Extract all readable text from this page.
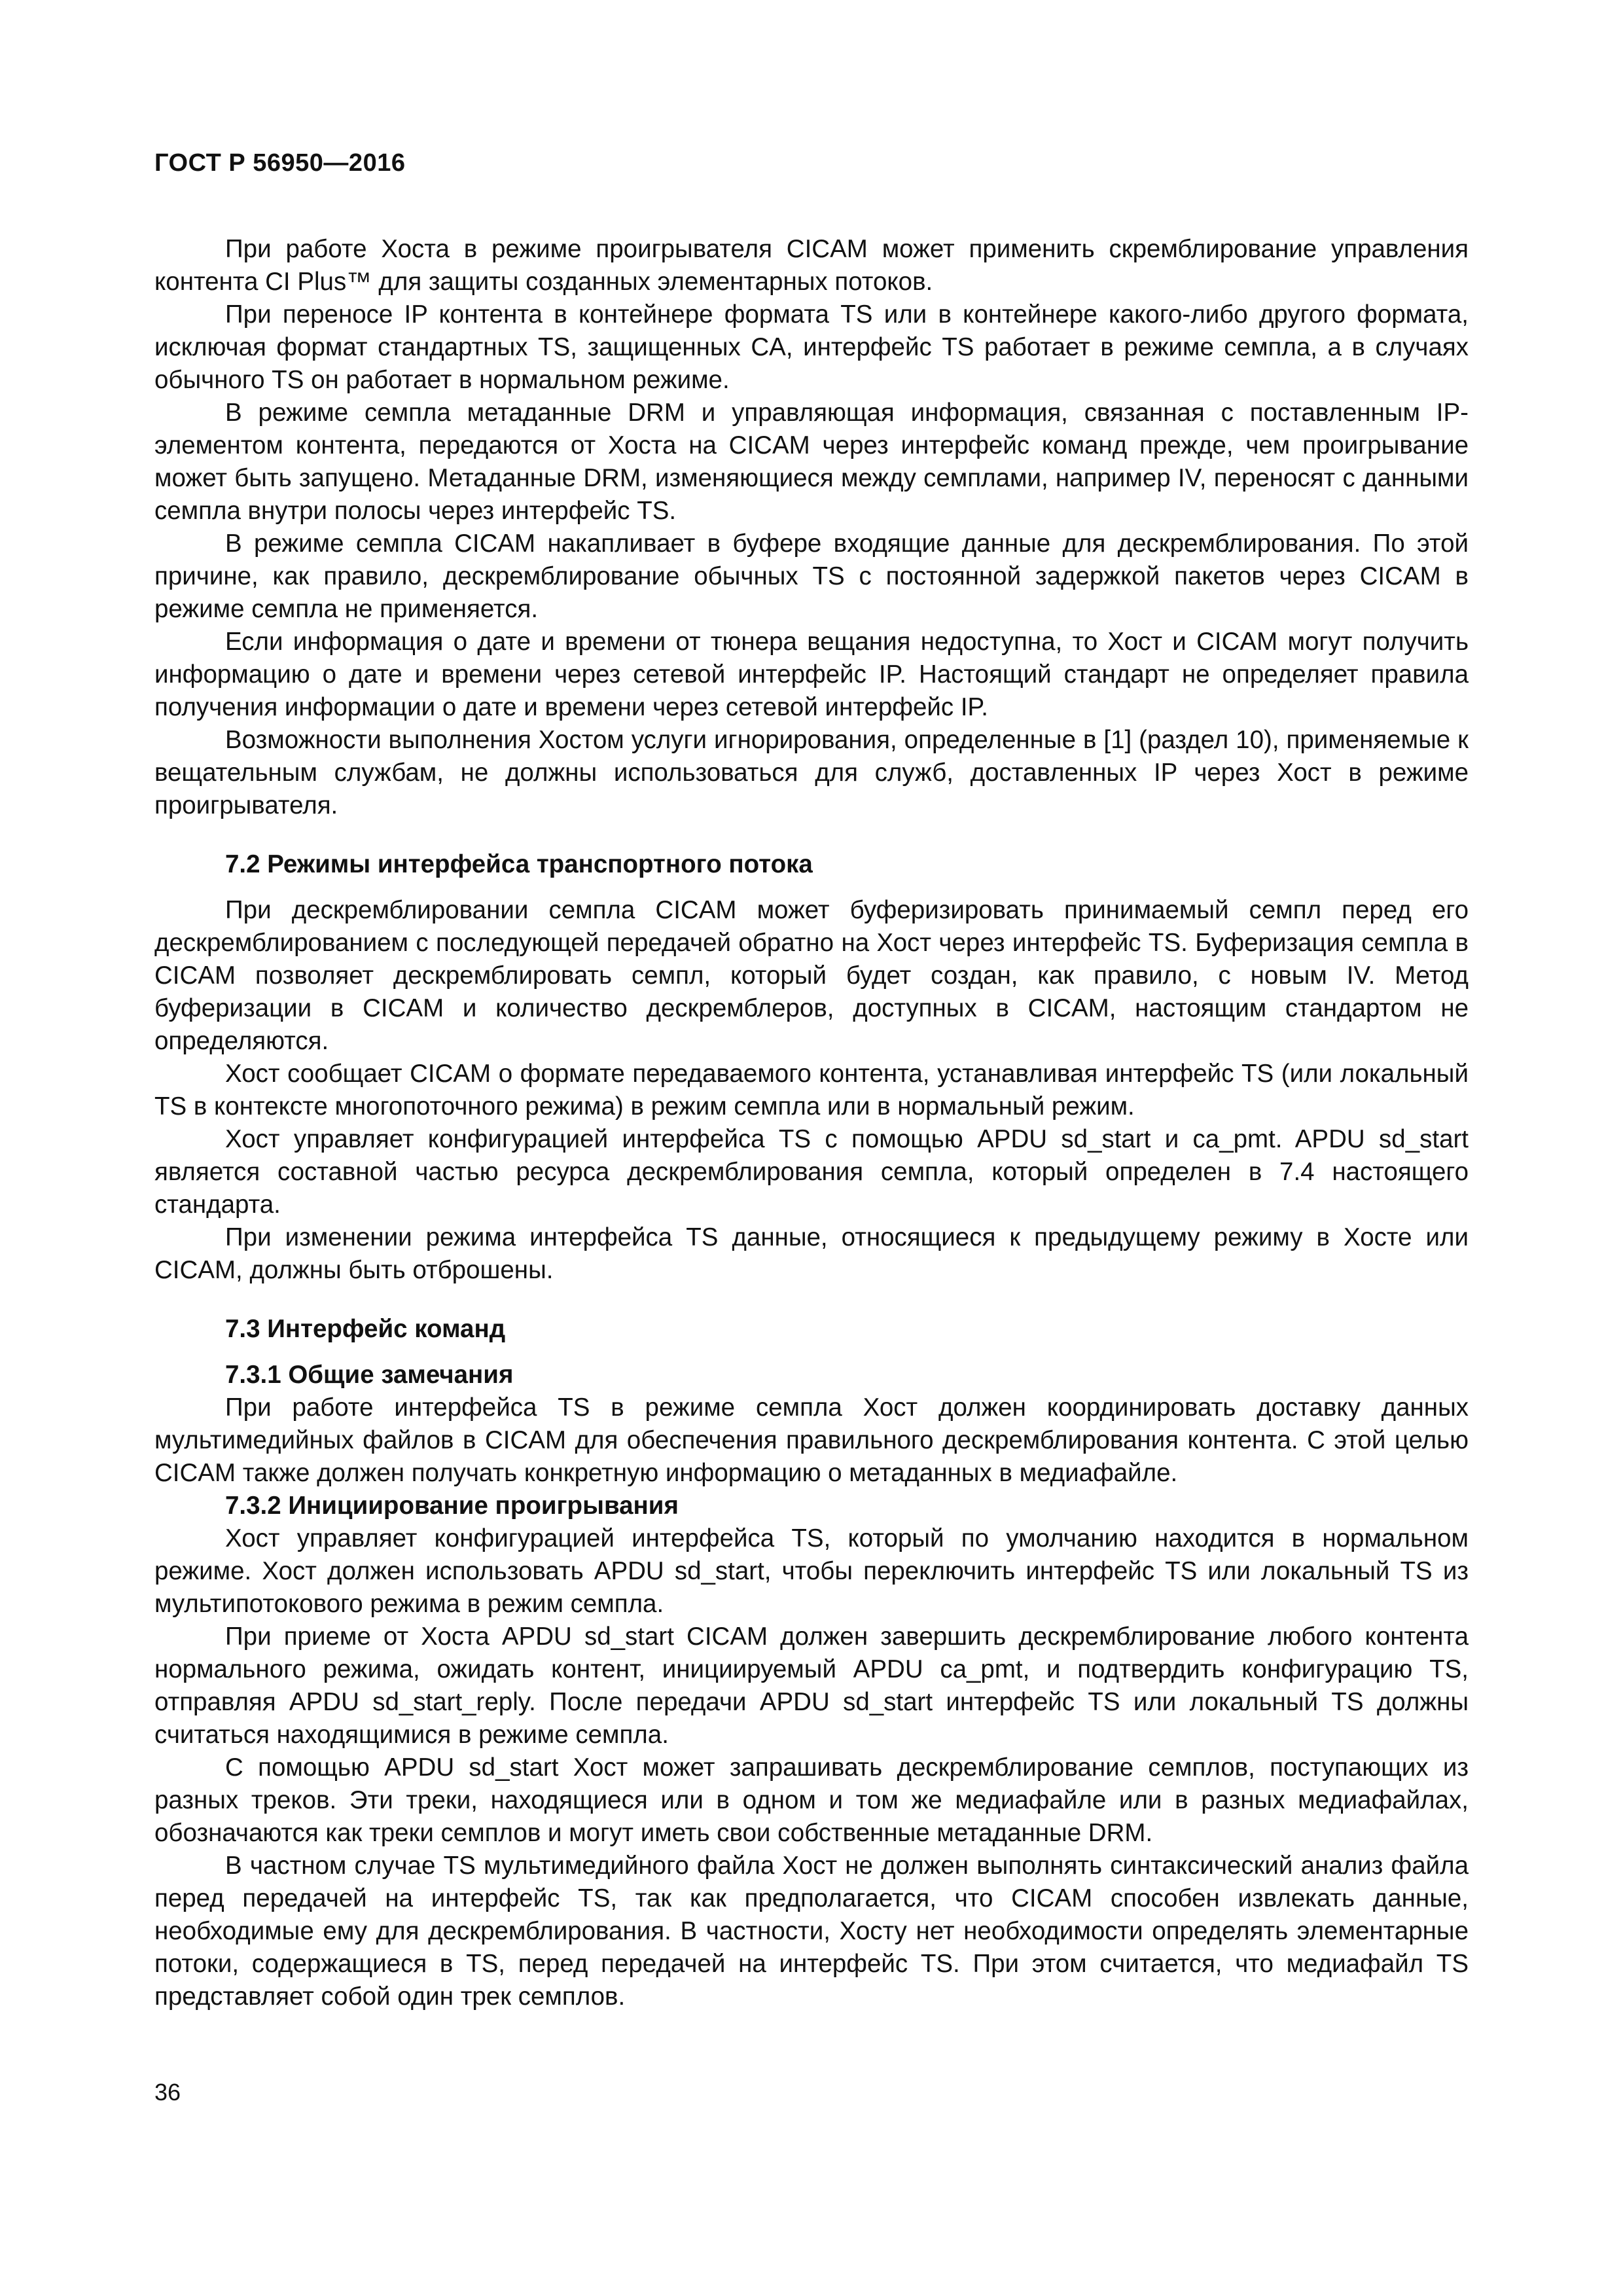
ГОСТ Р 56950—2016

При работе Хоста в режиме проигрывателя CICAM может применить скремблирование управления контента CI Plus™ для защиты созданных элементарных потоков.

При переносе IP контента в контейнере формата TS или в контейнере какого-либо другого формата, исключая формат стандартных TS, защищенных CA, интерфейс TS работает в режиме семпла, а в случаях обычного TS он работает в нормальном режиме.

В режиме семпла метаданные DRM и управляющая информация, связанная с поставленным IP-элементом контента, передаются от Хоста на CICAM через интерфейс команд прежде, чем проигрывание может быть запущено. Метаданные DRM, изменяющиеся между семплами, например IV, переносят с данными семпла внутри полосы через интерфейс TS.

В режиме семпла CICAM накапливает в буфере входящие данные для дескремблирования. По этой причине, как правило, дескремблирование обычных TS с постоянной задержкой пакетов через CICAM в режиме семпла не применяется.

Если информация о дате и времени от тюнера вещания недоступна, то Хост и CICAM могут получить информацию о дате и времени через сетевой интерфейс IP. Настоящий стандарт не определяет правила получения информации о дате и времени через сетевой интерфейс IP.

Возможности выполнения Хостом услуги игнорирования, определенные в [1] (раздел 10), применяемые к вещательным службам, не должны использоваться для служб, доставленных IP через Хост в режиме проигрывателя.

7.2 Режимы интерфейса транспортного потока

При дескремблировании семпла CICAM может буферизировать принимаемый семпл перед его дескремблированием с последующей передачей обратно на Хост через интерфейс TS. Буферизация семпла в CICAM позволяет дескремблировать семпл, который будет создан, как правило, с новым IV. Метод буферизации в CICAM и количество дескремблеров, доступных в CICAM, настоящим стандартом не определяются.

Хост сообщает CICAM о формате передаваемого контента, устанавливая интерфейс TS (или локальный TS в контексте многопоточного режима) в режим семпла или в нормальный режим.

Хост управляет конфигурацией интерфейса TS с помощью APDU sd_start и ca_pmt. APDU sd_start является составной частью ресурса дескремблирования семпла, который определен в 7.4 настоящего стандарта.

При изменении режима интерфейса TS данные, относящиеся к предыдущему режиму в Хосте или CICAM, должны быть отброшены.

7.3 Интерфейс команд

7.3.1 Общие замечания

При работе интерфейса TS в режиме семпла Хост должен координировать доставку данных мультимедийных файлов в CICAM для обеспечения правильного дескремблирования контента. С этой целью CICAM также должен получать конкретную информацию о метаданных в медиафайле.

7.3.2 Инициирование проигрывания

Хост управляет конфигурацией интерфейса TS, который по умолчанию находится в нормальном режиме. Хост должен использовать APDU sd_start, чтобы переключить интерфейс TS или локальный TS из мультипотокового режима в режим семпла.

При приеме от Хоста APDU sd_start CICAM должен завершить дескремблирование любого контента нормального режима, ожидать контент, инициируемый APDU ca_pmt, и подтвердить конфигурацию TS, отправляя APDU sd_start_reply. После передачи APDU sd_start интерфейс TS или локальный TS должны считаться находящимися в режиме семпла.

С помощью APDU sd_start Хост может запрашивать дескремблирование семплов, поступающих из разных треков. Эти треки, находящиеся или в одном и том же медиафайле или в разных медиафайлах, обозначаются как треки семплов и могут иметь свои собственные метаданные DRM.

В частном случае TS мультимедийного файла Хост не должен выполнять синтаксический анализ файла перед передачей на интерфейс TS, так как предполагается, что CICAM способен извлекать данные, необходимые ему для дескремблирования. В частности, Хосту нет необходимости определять элементарные потоки, содержащиеся в TS, перед передачей на интерфейс TS. При этом считается, что медиафайл TS представляет собой один трек семплов.

36
